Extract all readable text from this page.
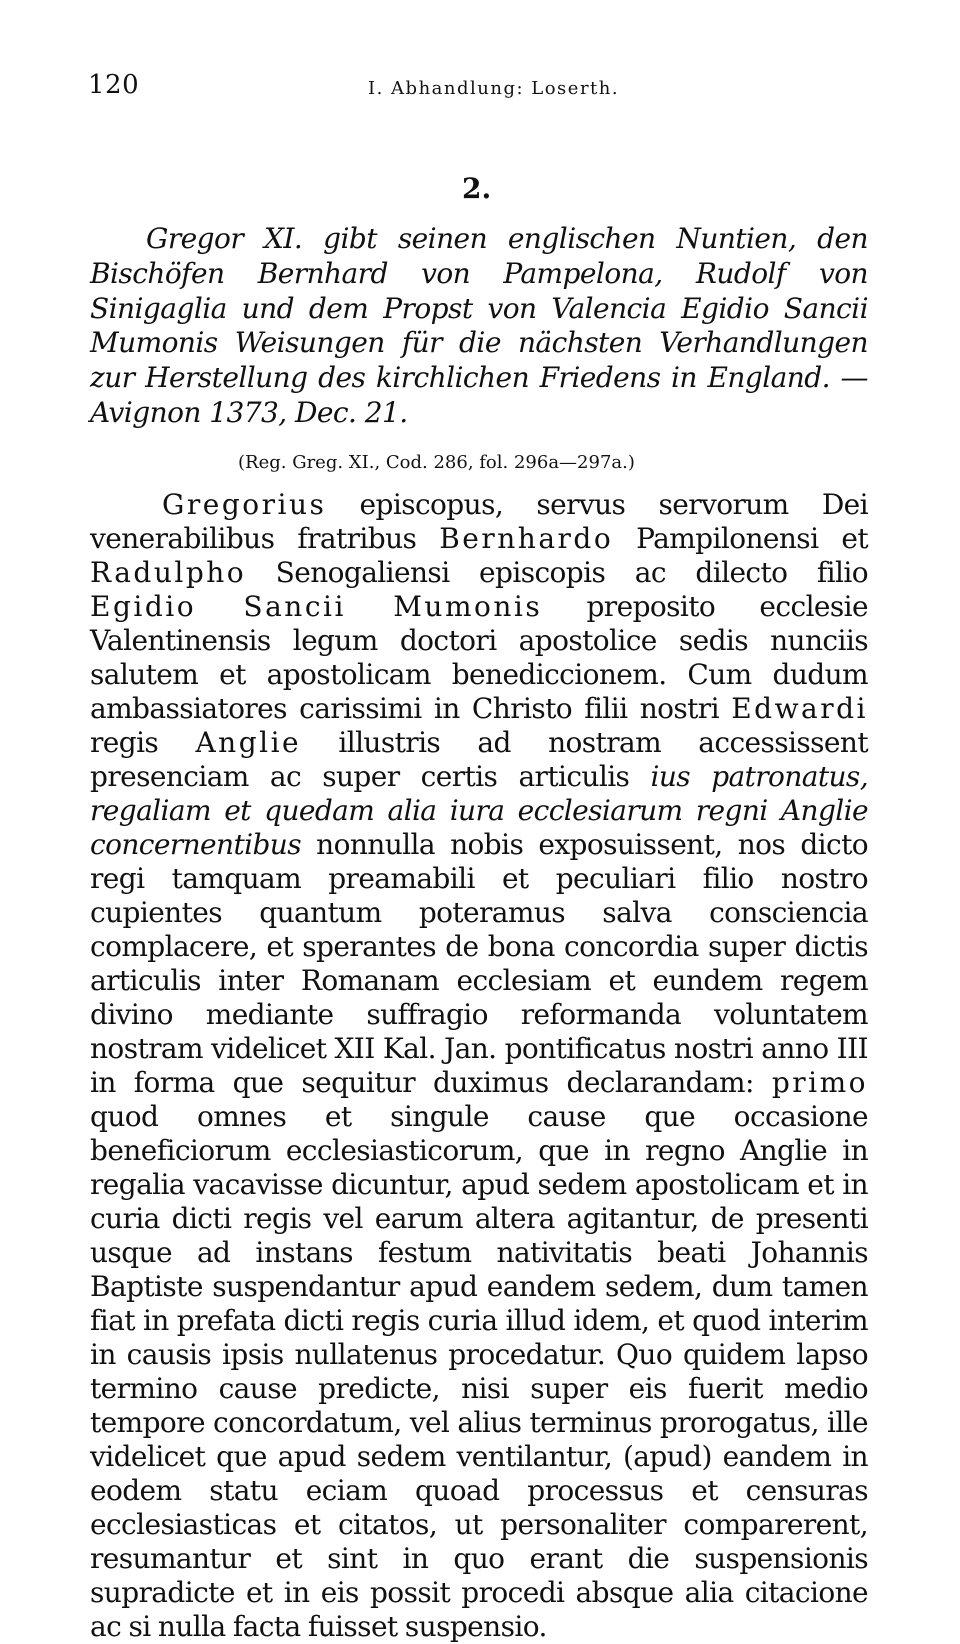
120	I. Abhandlung: Loserth.
2.

Gregor XI. gibt seinen englischen Nuntien, den Bischöfen Bernhard von Pampelona, Rudolf von Sinigaglia und dem Propst von Valencia Egidio Sancii Mumonis Weisungen für die nächsten Verhandlungen zur Herstellung des kirchlichen Friedens in England. — Avignon 1373, Dec. 21.

(Reg. Greg. XI., Cod. 286, fol. 296a—297a.)

Gregorius episcopus, servus servorum Dei venerabilibus fratribus Bernhardo Pampilonensi et Radulpho Senogaliensi episcopis ac dilecto filio Egidio Sancii Mumonis preposito ecclesie Valentinensis legum doctori apostolice sedis nunciis salutem et apostolicam benediccionem. Cum dudum ambassiatores carissimi in Christo filii nostri Edwardi regis Anglie illustris ad nostram accessissent presenciam ac super certis articulis ius patronatus, regaliam et quedam alia iura ecclesiarum regni Anglie concernentibus nonnulla nobis exposuissent, nos dicto regi tamquam preamabili et peculiari filio nostro cupientes quantum poteramus salva consciencia complacere, et sperantes de bona concordia super dictis articulis inter Romanam ecclesiam et eundem regem divino mediante suffragio reformanda voluntatem nostram videlicet XII Kal. Jan. pontificatus nostri anno III in forma que sequitur duximus declarandam: primo quod omnes et singule cause que occasione beneficiorum ecclesiasticorum, que in regno Anglie in regalia vacavisse dicuntur, apud sedem apostolicam et in curia dicti regis vel earum altera agitantur, de presenti usque ad instans festum nativitatis beati Johannis Baptiste suspendantur apud eandem sedem, dum tamen fiat in prefata dicti regis curia illud idem, et quod interim in causis ipsis nullatenus procedatur. Quo quidem lapso termino cause predicte, nisi super eis fuerit medio tempore concordatum, vel alius terminus prorogatus, ille videlicet que apud sedem ventilantur, (apud) eandem in eodem statu eciam quoad processus et censuras ecclesiasticas et citatos, ut personaliter comparerent, resumantur et sint in quo erant die suspensionis supradicte et in eis possit procedi absque alia citacione ac si nulla facta fuisset suspensio.
